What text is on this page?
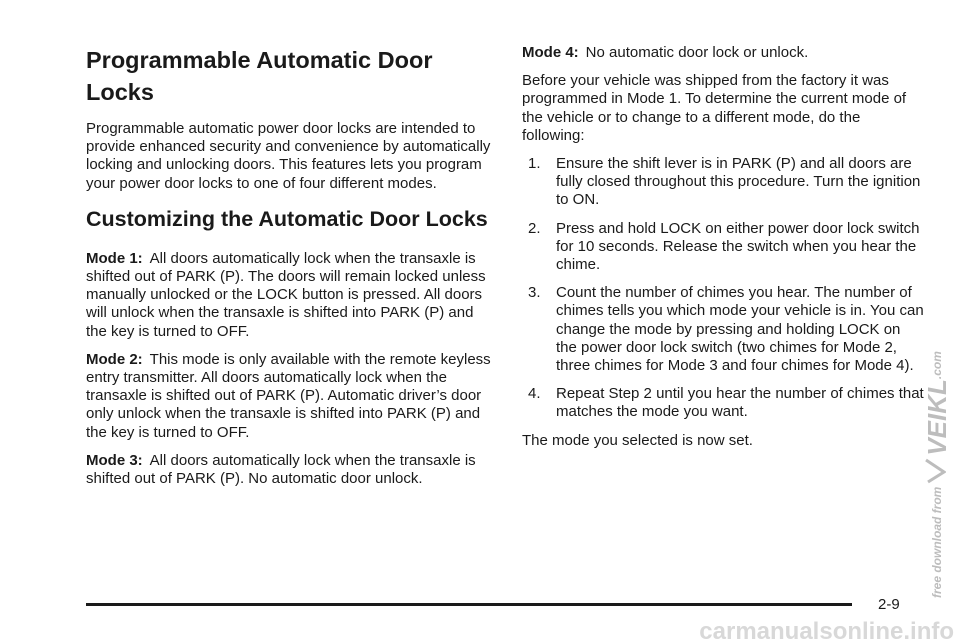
Programmable Automatic Door Locks

Programmable automatic power door locks are intended to provide enhanced security and convenience by automatically locking and unlocking doors. This features lets you program your power door locks to one of four different modes.

Customizing the Automatic Door Locks

Mode 1: All doors automatically lock when the transaxle is shifted out of PARK (P). The doors will remain locked unless manually unlocked or the LOCK button is pressed. All doors will unlock when the transaxle is shifted into PARK (P) and the key is turned to OFF.

Mode 2: This mode is only available with the remote keyless entry transmitter. All doors automatically lock when the transaxle is shifted out of PARK (P). Automatic driver’s door only unlock when the transaxle is shifted into PARK (P) and the key is turned to OFF.

Mode 3: All doors automatically lock when the transaxle is shifted out of PARK (P). No automatic door unlock.

Mode 4: No automatic door lock or unlock.

Before your vehicle was shipped from the factory it was programmed in Mode 1. To determine the current mode of the vehicle or to change to a different mode, do the following:

1. Ensure the shift lever is in PARK (P) and all doors are fully closed throughout this procedure. Turn the ignition to ON.
2. Press and hold LOCK on either power door lock switch for 10 seconds. Release the switch when you hear the chime.
3. Count the number of chimes you hear. The number of chimes tells you which mode your vehicle is in. You can change the mode by pressing and holding LOCK on the power door lock switch (two chimes for Mode 2, three chimes for Mode 3 and four chimes for Mode 4).
4. Repeat Step 2 until you hear the number of chimes that matches the mode you want.

The mode you selected is now set.

2-9
free download from
VEIKL
.com
carmanualsonline.info
